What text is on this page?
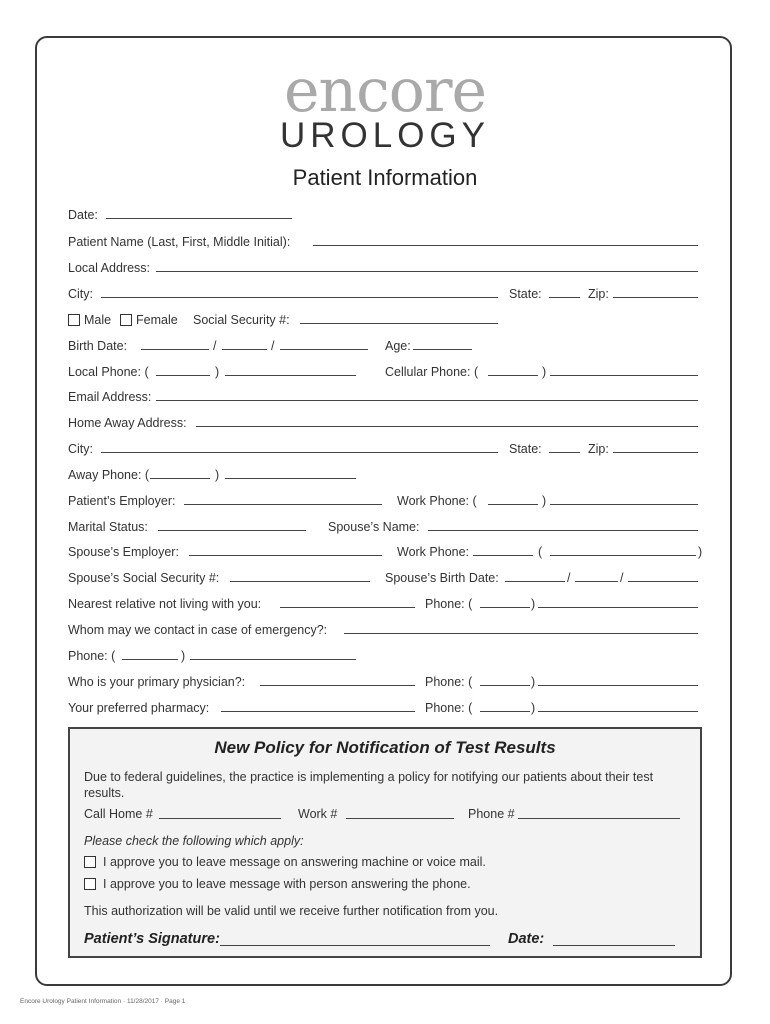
encore
UROLOGY
Patient Information
Date:
Patient Name (Last, First, Middle Initial):
Local Address:
City:	State:	Zip:
Male Female Social Security #:
Birth Date:	/	/	Age:
Local Phone: (	)	Cellular Phone: (	)
Email Address:
Home Away Address:
City:	State:	Zip:
Away Phone: (	)
Patient’s Employer:	Work Phone: (	)
Marital Status:	Spouse’s Name:
Spouse’s Employer:	Work Phone:	(	)
Spouse’s Social Security #:	Spouse’s Birth Date:	/	/
Nearest relative not living with you:	Phone: (	)
Whom may we contact in case of emergency?:
Phone: (	)
Who is your primary physician?:	Phone: (	)
Your preferred pharmacy:	Phone: (	)
New Policy for Notification of Test Results
Due to federal guidelines, the practice is implementing a policy for notifying our patients about their test results.
Call Home #	Work #	Phone #
Please check the following which apply:
I approve you to leave message on answering machine or voice mail.
I approve you to leave message with person answering the phone.
This authorization will be valid until we receive further notification from you.
Patient’s Signature:	Date:
Encore Urology Patient Information · 11/28/2017 · Page 1
